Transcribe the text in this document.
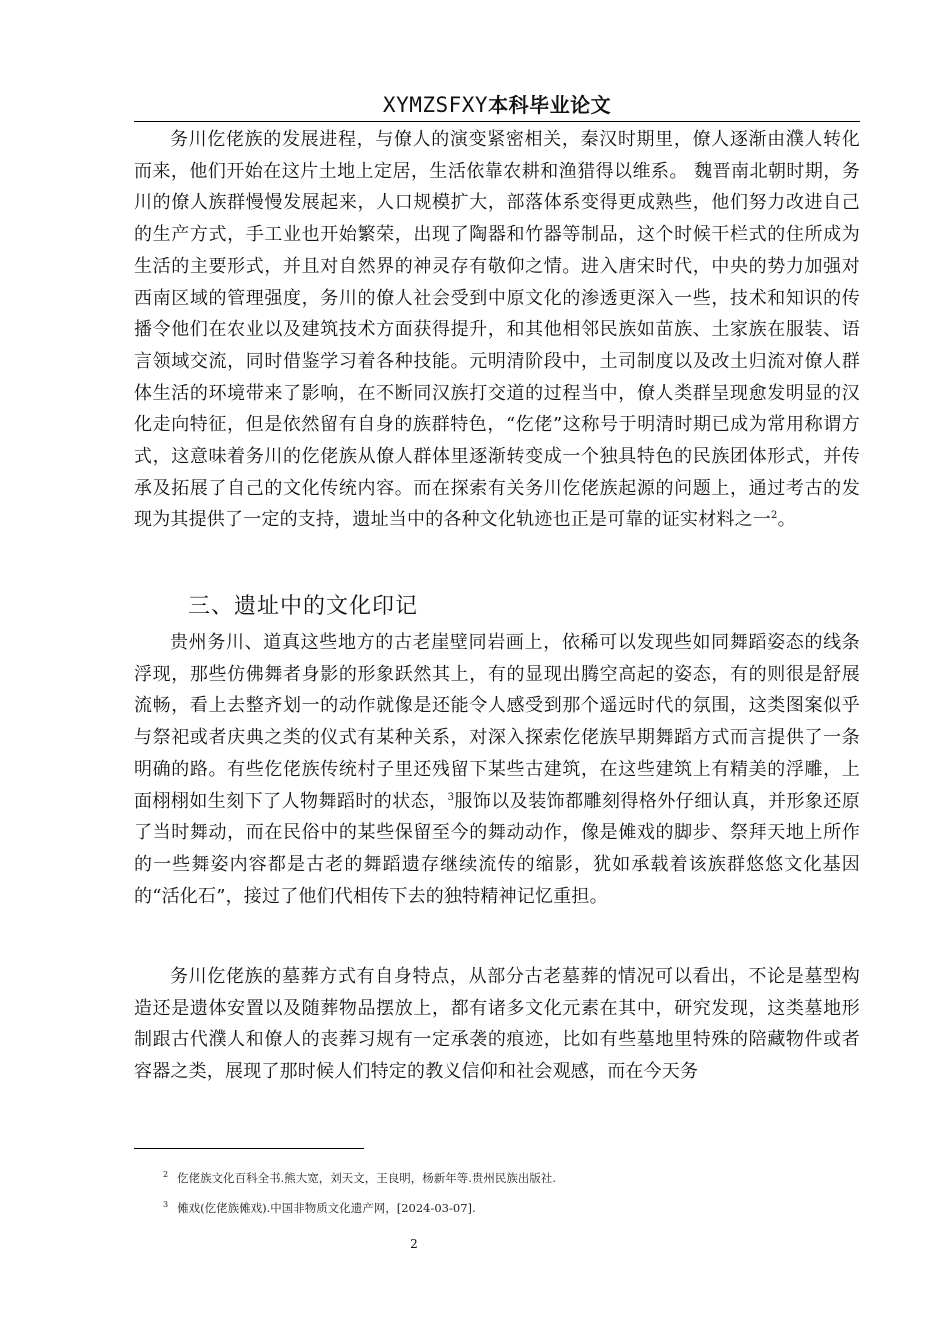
XYMZSFXY本科毕业论文

务川仡佬族的发展进程，与僚人的演变紧密相关，秦汉时期里，僚人逐渐由濮人转化而来，他们开始在这片土地上定居，生活依靠农耕和渔猎得以维系。 魏晋南北朝时期，务川的僚人族群慢慢发展起来，人口规模扩大，部落体系变得更成熟些，他们努力改进自己的生产方式，手工业也开始繁荣，出现了陶器和竹器等制品，这个时候干栏式的住所成为生活的主要形式，并且对自然界的神灵存有敬仰之情。进入唐宋时代，中央的势力加强对西南区域的管理强度，务川的僚人社会受到中原文化的渗透更深入一些，技术和知识的传播令他们在农业以及建筑技术方面获得提升，和其他相邻民族如苗族、土家族在服装、语言领域交流，同时借鉴学习着各种技能。元明清阶段中，土司制度以及改土归流对僚人群体生活的环境带来了影响，在不断同汉族打交道的过程当中，僚人类群呈现愈发明显的汉化走向特征，但是依然留有自身的族群特色，“仡佬”这称号于明清时期已成为常用称谓方式，这意味着务川的仡佬族从僚人群体里逐渐转变成一个独具特色的民族团体形式，并传承及拓展了自己的文化传统内容。而在探索有关务川仡佬族起源的问题上，通过考古的发现为其提供了一定的支持，遗址当中的各种文化轨迹也正是可靠的证实材料之一$^2$。

三、遗址中的文化印记

贵州务川、道真这些地方的古老崖壁同岩画上，依稀可以发现些如同舞蹈姿态的线条浮现，那些仿佛舞者身影的形象跃然其上，有的显现出腾空高起的姿态，有的则很是舒展流畅，看上去整齐划一的动作就像是还能令人感受到那个遥远时代的氛围，这类图案似乎与祭祀或者庆典之类的仪式有某种关系，对深入探索仡佬族早期舞蹈方式而言提供了一条明确的路。有些仡佬族传统村子里还残留下某些古建筑，在这些建筑上有精美的浮雕，上面栩栩如生刻下了人物舞蹈时的状态，$^3$服饰以及装饰都雕刻得格外仔细认真，并形象还原了当时舞动，而在民俗中的某些保留至今的舞动动作，像是傩戏的脚步、祭拜天地上所作的一些舞姿内容都是古老的舞蹈遗存继续流传的缩影，犹如承载着该族群悠悠文化基因的“活化石”，接过了他们代相传下去的独特精神记忆重担。

务川仡佬族的墓葬方式有自身特点，从部分古老墓葬的情况可以看出，不论是墓型构造还是遗体安置以及随葬物品摆放上，都有诸多文化元素在其中，研究发现，这类墓地形制跟古代濮人和僚人的丧葬习规有一定承袭的痕迹，比如有些墓地里特殊的陪藏物件或者容器之类，展现了那时候人们特定的教义信仰和社会观感，而在今天务

$^2$ 仡佬族文化百科全书.熊大宽，刘天文，王良明，杨新年等.贵州民族出版社.

$^3$ 傩戏(仡佬族傩戏).中国非物质文化遗产网，[2024-03-07].

2
